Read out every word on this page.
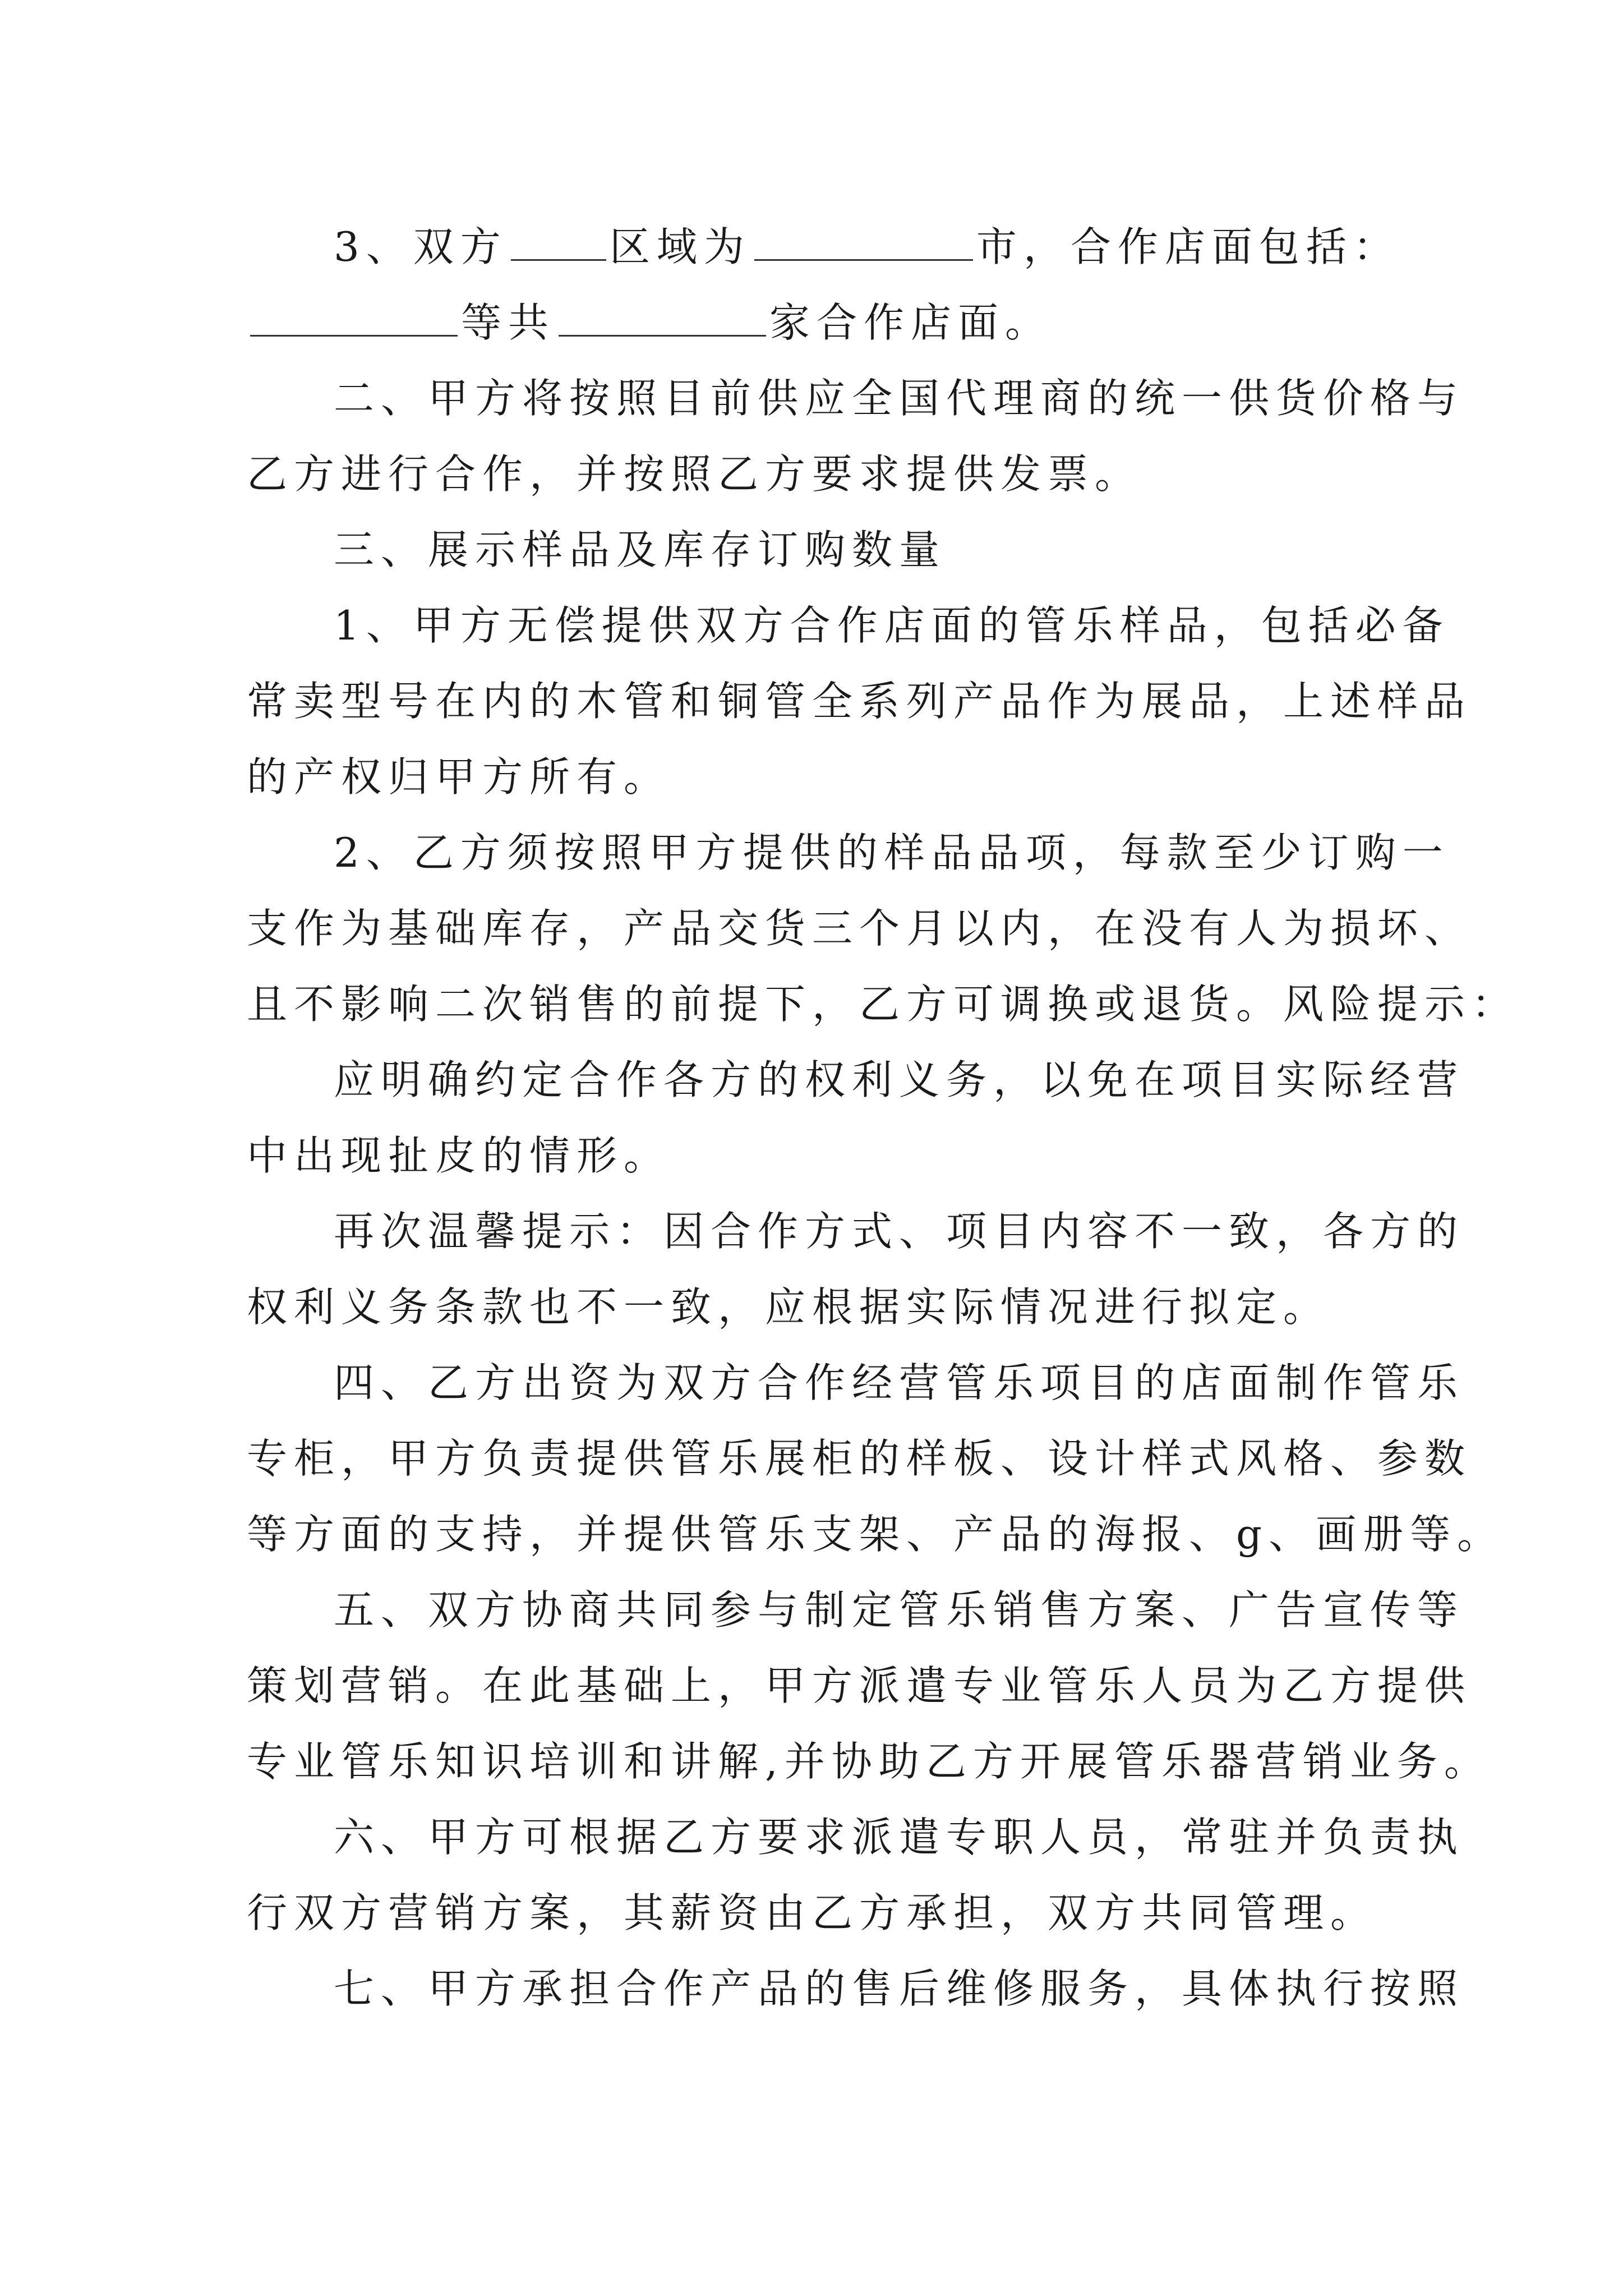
3、双方	区域为	市，合作店面包括：
等共	家合作店面。
二、甲方将按照目前供应全国代理商的统一供货价格与
乙方进行合作，并按照乙方要求提供发票。
三、展示样品及库存订购数量
1、甲方无偿提供双方合作店面的管乐样品，包括必备
常卖型号在内的木管和铜管全系列产品作为展品，上述样品
的产权归甲方所有。
2、乙方须按照甲方提供的样品品项，每款至少订购一
支作为基础库存，产品交货三个月以内，在没有人为损坏、
且不影响二次销售的前提下，乙方可调换或退货。风险提示：
应明确约定合作各方的权利义务，以免在项目实际经营
中出现扯皮的情形。
再次温馨提示：因合作方式、项目内容不一致，各方的
权利义务条款也不一致，应根据实际情况进行拟定。
四、乙方出资为双方合作经营管乐项目的店面制作管乐
专柜，甲方负责提供管乐展柜的样板、设计样式风格、参数
等方面的支持，并提供管乐支架、产品的海报、g、画册等。
五、双方协商共同参与制定管乐销售方案、广告宣传等
策划营销。在此基础上，甲方派遣专业管乐人员为乙方提供
专业管乐知识培训和讲解,并协助乙方开展管乐器营销业务。
六、甲方可根据乙方要求派遣专职人员，常驻并负责执
行双方营销方案，其薪资由乙方承担，双方共同管理。
七、甲方承担合作产品的售后维修服务，具体执行按照
